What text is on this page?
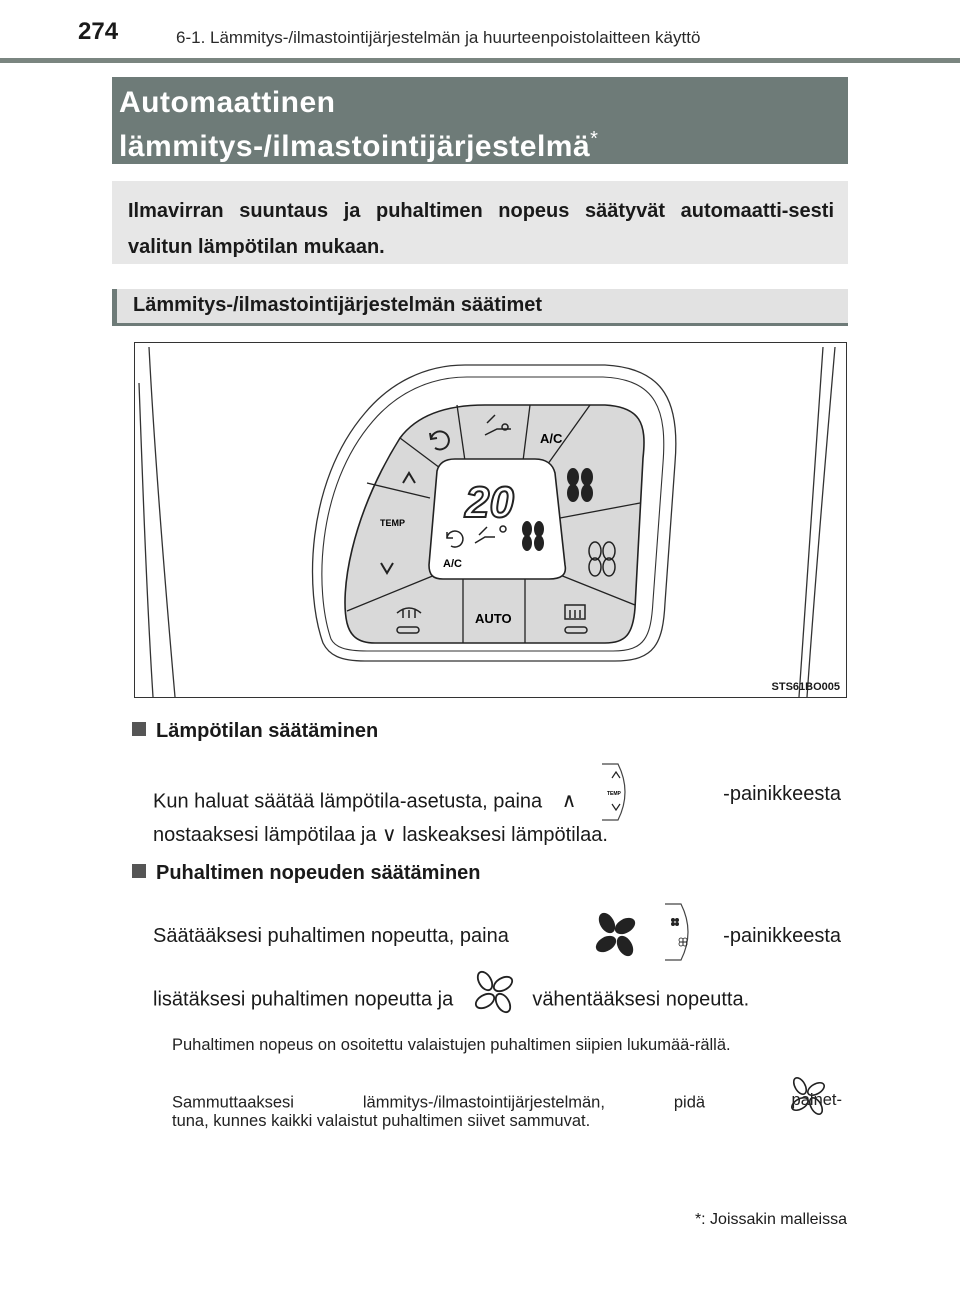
274	6-1. Lämmitys-/ilmastointijärjestelmän ja huurteenpoistolaitteen käyttö
Automaattinen
lämmitys-/ilmastointijärjestelmä*
Ilmavirran suuntaus ja puhaltimen nopeus säätyvät automaatti-sesti valitun lämpötilan mukaan.
Lämmitys-/ilmastointijärjestelmän säätimet
20
A/C
A/C
TEMP
AUTO
STS61BO005
Lämpötilan säätäminen
Kun haluat säätää lämpötila-asetusta, paina ∧	TEMP	-painikkeesta
nostaaksesi lämpötilaa ja ∨ laskeaksesi lämpötilaa.
Puhaltimen nopeuden säätäminen
Säätääksesi puhaltimen nopeutta, paina	-painikkeesta
lisätäksesi puhaltimen nopeutta ja	vähentääksesi nopeutta.
Puhaltimen nopeus on osoitettu valaistujen puhaltimen siipien lukumää-rällä.
Sammuttaaksesi lämmitys-/ilmastointijärjestelmän, pidä	painet-
tuna, kunnes kaikki valaistut puhaltimen siivet sammuvat.
*: Joissakin malleissa
